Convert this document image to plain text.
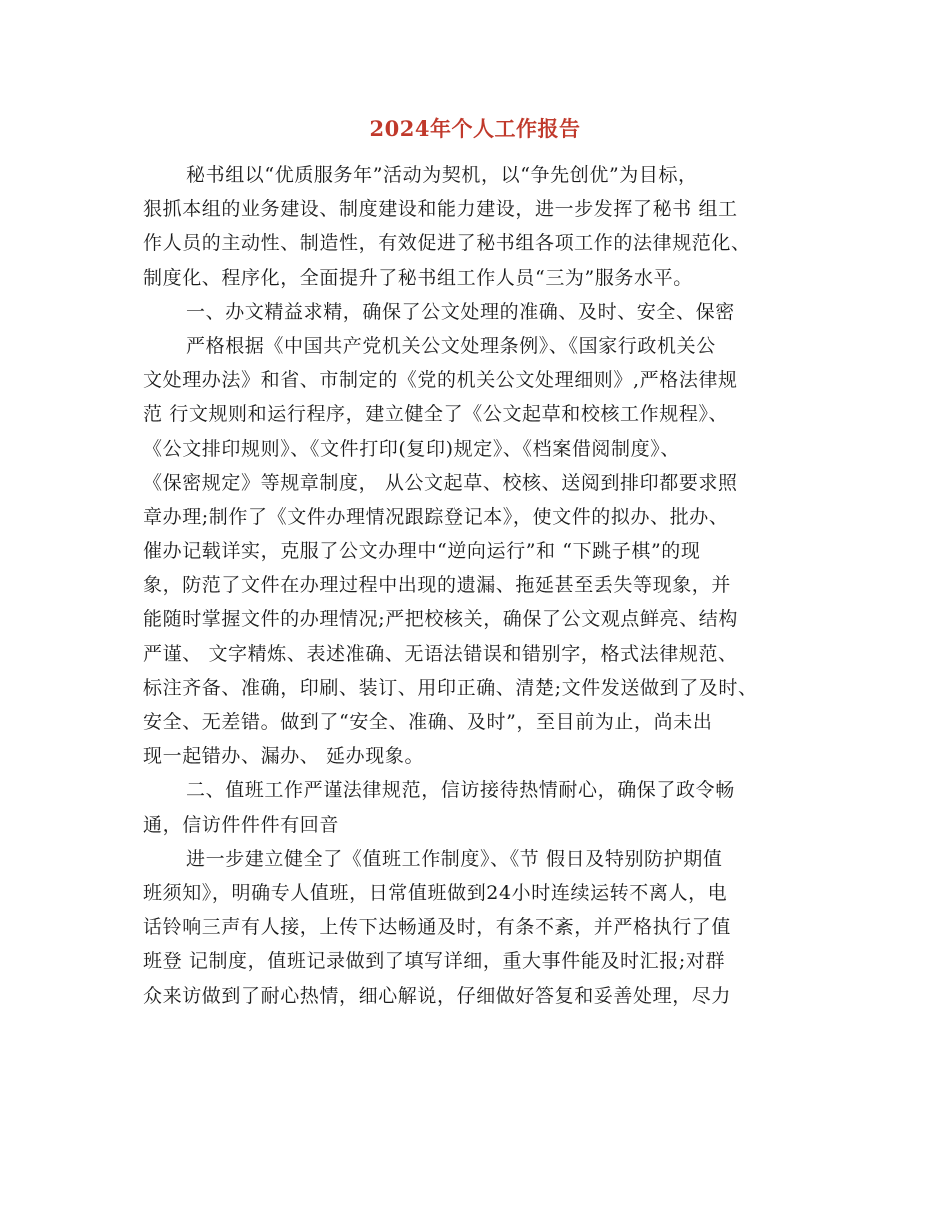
2024年个人工作报告
秘书组以“优质服务年”活动为契机，以“争先创优”为目标，
狠抓本组的业务建设、制度建设和能力建设，进一步发挥了秘书 组工
作人员的主动性、制造性，有效促进了秘书组各项工作的法律规范化、
制度化、程序化，全面提升了秘书组工作人员“三为”服务水平。
一、办文精益求精，确保了公文处理的准确、及时、安全、保密
严格根据《中国共产党机关公文处理条例》、《国家行政机关公
文处理办法》和省、市制定的《党的机关公文处理细则》,严格法律规
范 行文规则和运行程序，建立健全了《公文起草和校核工作规程》、
《公文排印规则》、《文件打印(复印)规定》、《档案借阅制度》、
《保密规定》等规章制度， 从公文起草、校核、送阅到排印都要求照
章办理;制作了《文件办理情况跟踪登记本》，使文件的拟办、批办、
催办记载详实，克服了公文办理中“逆向运行”和 “下跳子棋”的现
象，防范了文件在办理过程中出现的遗漏、拖延甚至丢失等现象，并
能随时掌握文件的办理情况;严把校核关，确保了公文观点鲜亮、结构
严谨、 文字精炼、表述准确、无语法错误和错别字，格式法律规范、
标注齐备、准确，印刷、装订、用印正确、清楚;文件发送做到了及时、
安全、无差错。做到了“安全、准确、及时”，至目前为止，尚未出
现一起错办、漏办、 延办现象。
二、值班工作严谨法律规范，信访接待热情耐心，确保了政令畅
通，信访件件件有回音
进一步建立健全了《值班工作制度》、《节 假日及特别防护期值
班须知》，明确专人值班，日常值班做到24小时连续运转不离人，电
话铃响三声有人接，上传下达畅通及时，有条不紊，并严格执行了值
班登 记制度，值班记录做到了填写详细，重大事件能及时汇报;对群
众来访做到了耐心热情，细心解说，仔细做好答复和妥善处理，尽力
